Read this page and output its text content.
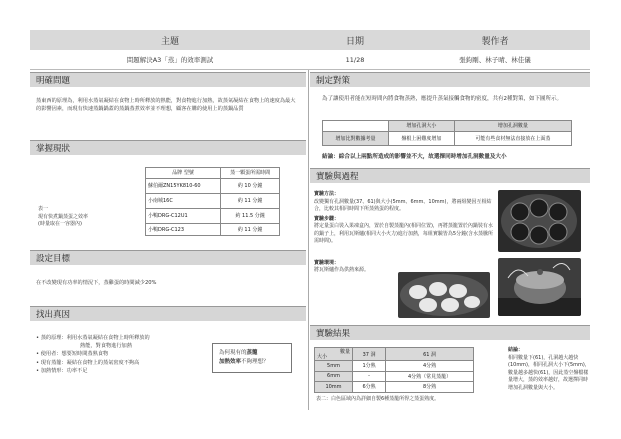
主題	日期	製作者
問題解決A3「蒸」的效率測試	11/28	張鈞剛、林子晴、林佳儀
明確問題
蒸東西的原理為，利用水蒸氣凝結在食物上時所釋放的熱能，對食物進行加熱，故蒸氣凝結在食物上的速度為最大的影響因素，而現有快速蒸鍋鍋蓋的蒸鍋蒸煮效率並不理想，顧客在購的使用上的蒸鍋品質
掌握現狀
表一
現有快煮鍋蒸蛋之效率
(時量取在一容器內)
品牌 型號	蒸一顆蛋所需時間
蘇伯爾ZN15YK810-60	約 10 分鐘
小南城16C	約 11 分鐘
小鴨DRG-C12U1	約 11.5 分鐘
小鴨DRG-C123	約 11 分鐘
設定目標
在不改變現有功率的情況下，蒸雞蛋的時間減少20%
找出真因
• 蒸的原理：利用水蒸氣凝結在食物上時所釋放的
熱能，對食物進行加熱
• 使用者：想要短時間蒸熟食物
• 現有蒸籠：凝結在食物上的蒸氣密度不夠高
• 加熱情形：功率不足
為何現有的蒸籠
加熱效率不夠理想？
制定對策
為了讓使用者能在短時間內將食物蒸熟，應提升蒸氣接觸食物的密度，共有2種對策，如下圖所示。
	增加孔洞大小	增加孔洞數量
增加比對數據考量	盤根上困難度增加	可能有些食材無法直接放在上面蒸
結論：綜合以上兩點所造成的影響並不大，故選擇同時增加孔洞數量及大小
實驗與過程
實驗方法：
改變獨有孔洞數量(37、61)與大小(5mm、6mm、10mm)，將兩組變因互相結合，比較其相同時間下所蒸熟蛋的程度。
實驗步驟：
將定量蛋白裝入果凍盒內，置於自製蒸籠內(相同位置)，再將蒸籠置於內鍋裝有水的鍋子上，利用瓦斯爐(相同大小火力)進行加熱，每組實驗皆為5分鐘(含水蒸騰所需時間)。
實驗環境：
將瓦斯爐作為供熱來源。
實驗結果
數量
大小	37 洞	61 洞
5mm	1分熟	4分熟
6mm	-	4分熟（常見蒸籠）
10mm	6分熟	8分熟
表二：白色區域內為詳細自製6種蒸籠所得之蒸蛋熟度。
結論：
相同數量下(61)，孔洞越大越快(10mm)，相同孔洞大小下(5mm)，數量越多越快(61)，因此蒸空盤檔樣量增大，蒸的效率越好，故選擇同時增加孔洞數量與大小。
